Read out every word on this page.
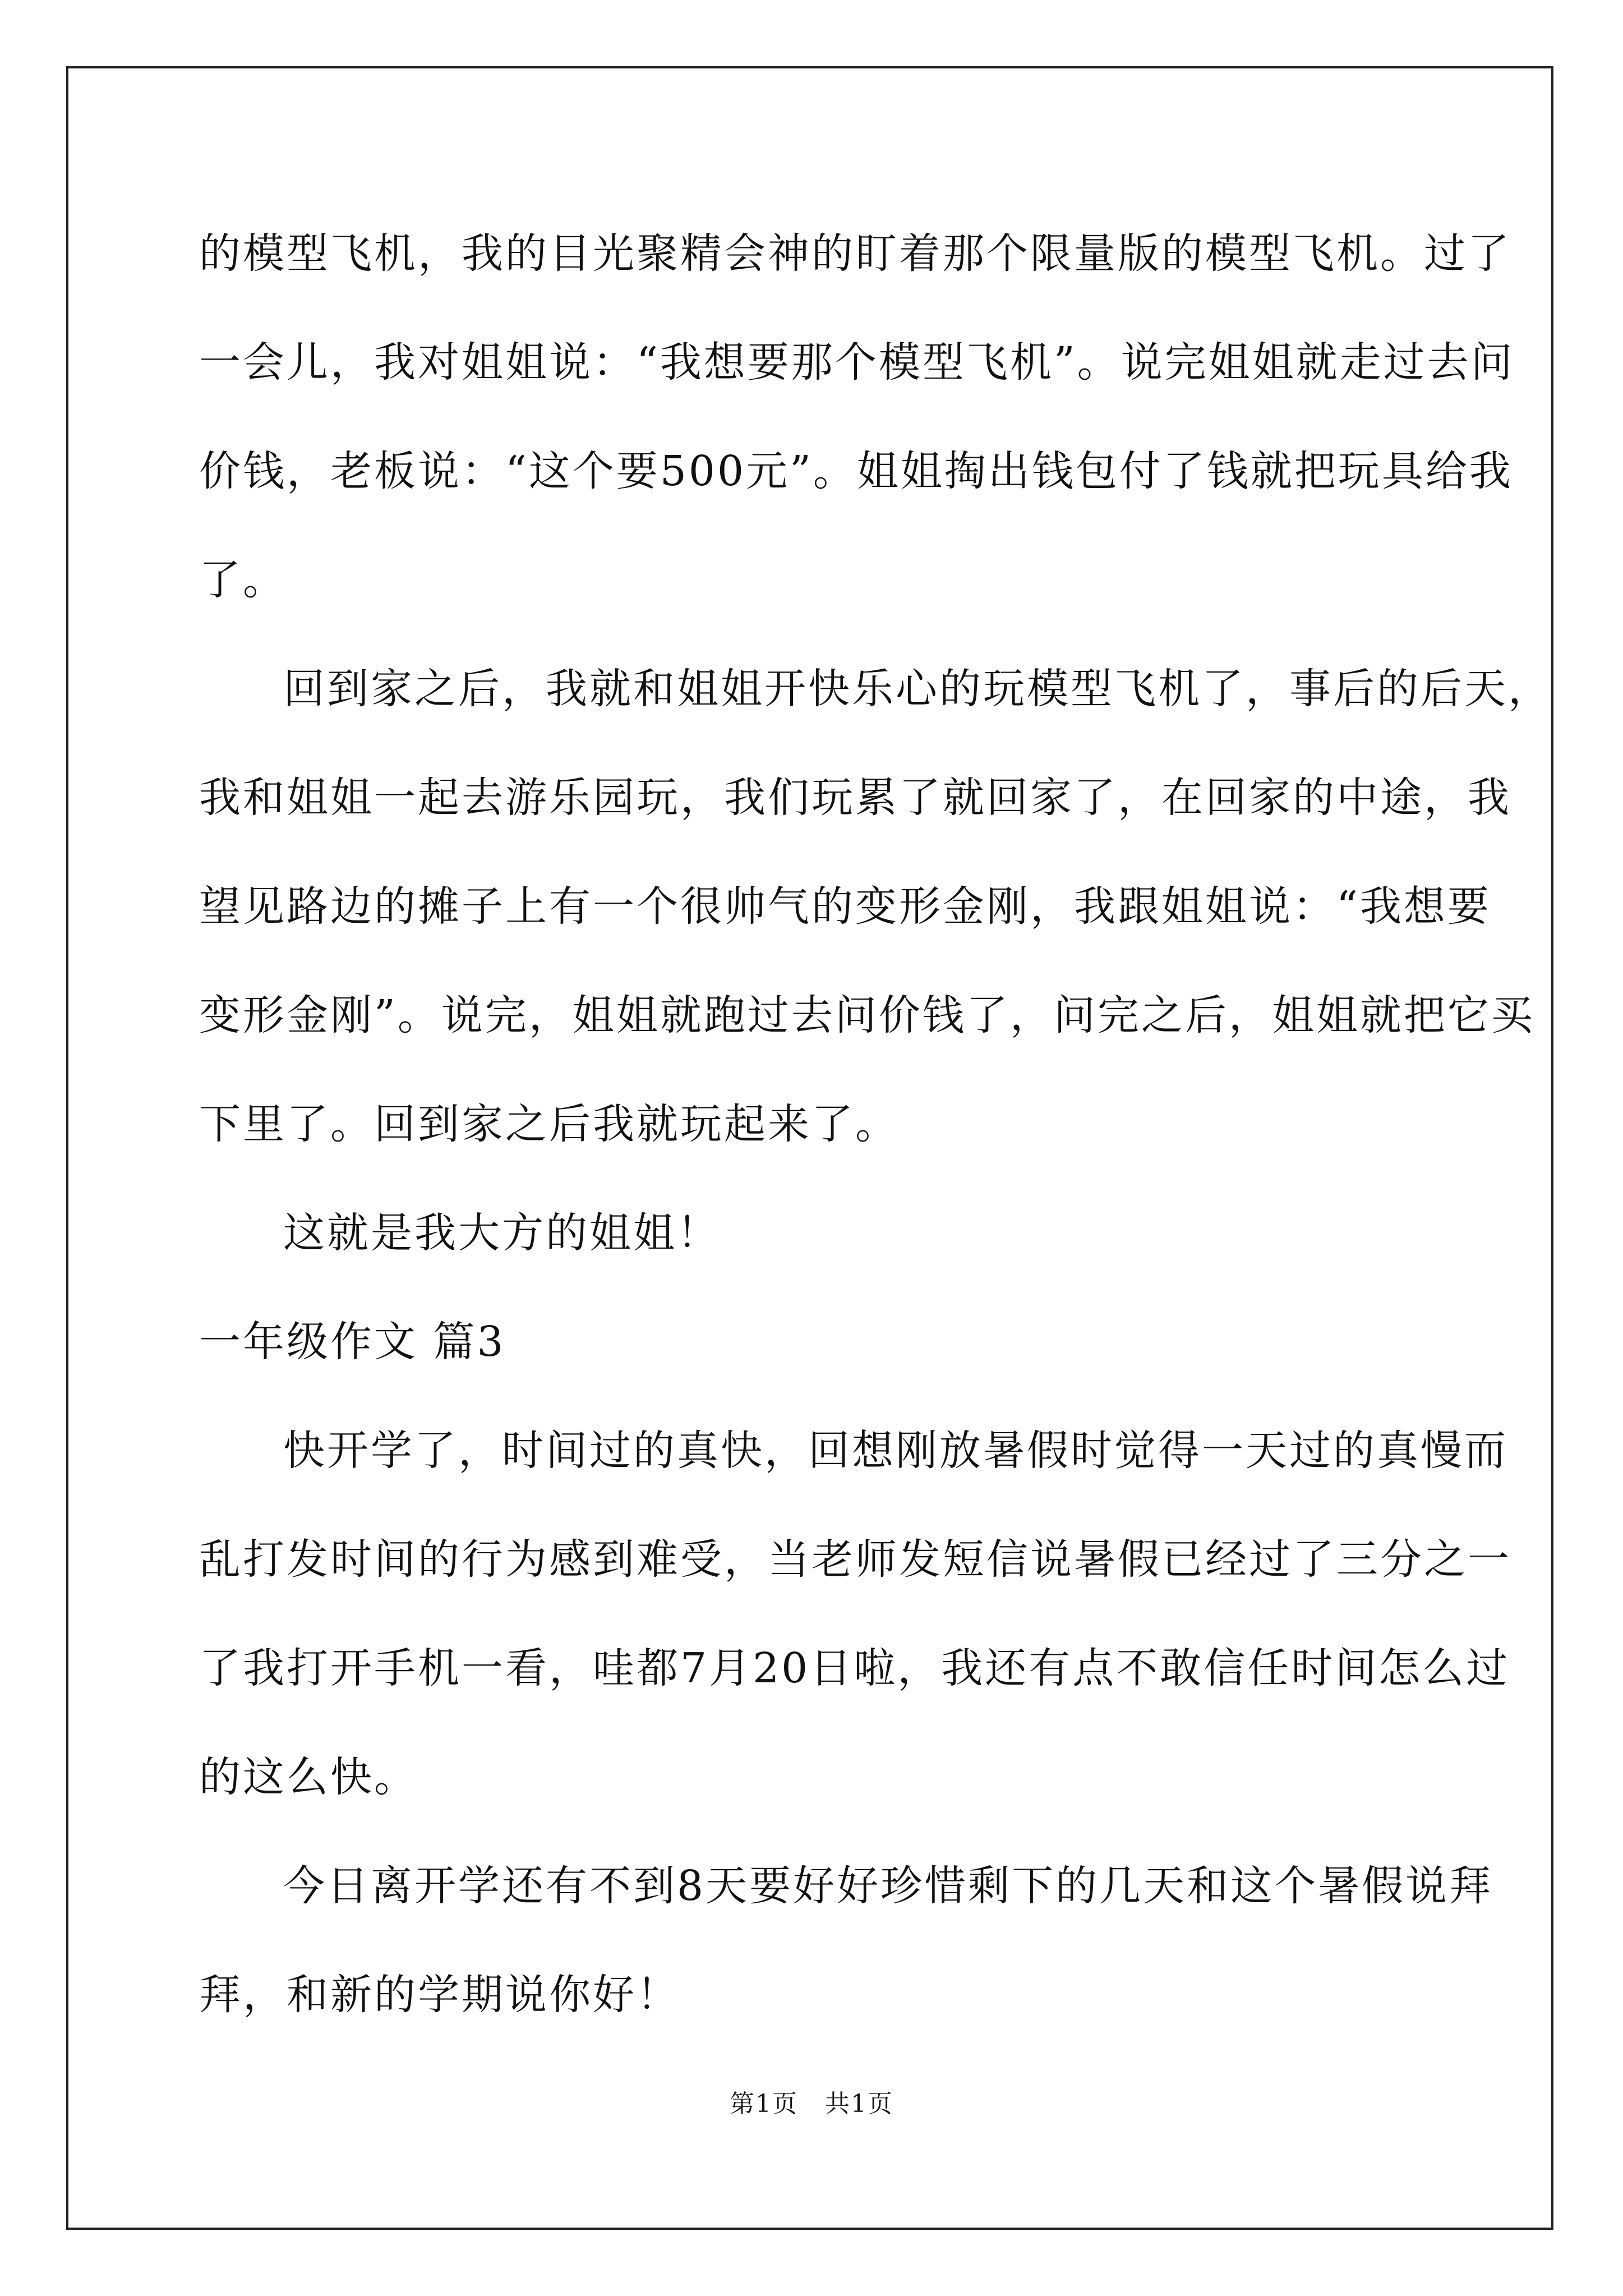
的模型飞机，我的目光聚精会神的盯着那个限量版的模型飞机。过了
一会儿，我对姐姐说：“我想要那个模型飞机”。说完姐姐就走过去问
价钱，老板说：“这个要500元”。姐姐掏出钱包付了钱就把玩具给我
了。
回到家之后，我就和姐姐开快乐心的玩模型飞机了，事后的后天，
我和姐姐一起去游乐园玩，我们玩累了就回家了，在回家的中途，我
望见路边的摊子上有一个很帅气的变形金刚，我跟姐姐说：“我想要
变形金刚”。说完，姐姐就跑过去问价钱了，问完之后，姐姐就把它买
下里了。回到家之后我就玩起来了。
这就是我大方的姐姐！
一年级作文 篇3
快开学了，时间过的真快，回想刚放暑假时觉得一天过的真慢而
乱打发时间的行为感到难受，当老师发短信说暑假已经过了三分之一
了我打开手机一看，哇都7月20日啦，我还有点不敢信任时间怎么过
的这么快。
今日离开学还有不到8天要好好珍惜剩下的几天和这个暑假说拜
拜，和新的学期说你好！
第1页   共1页
